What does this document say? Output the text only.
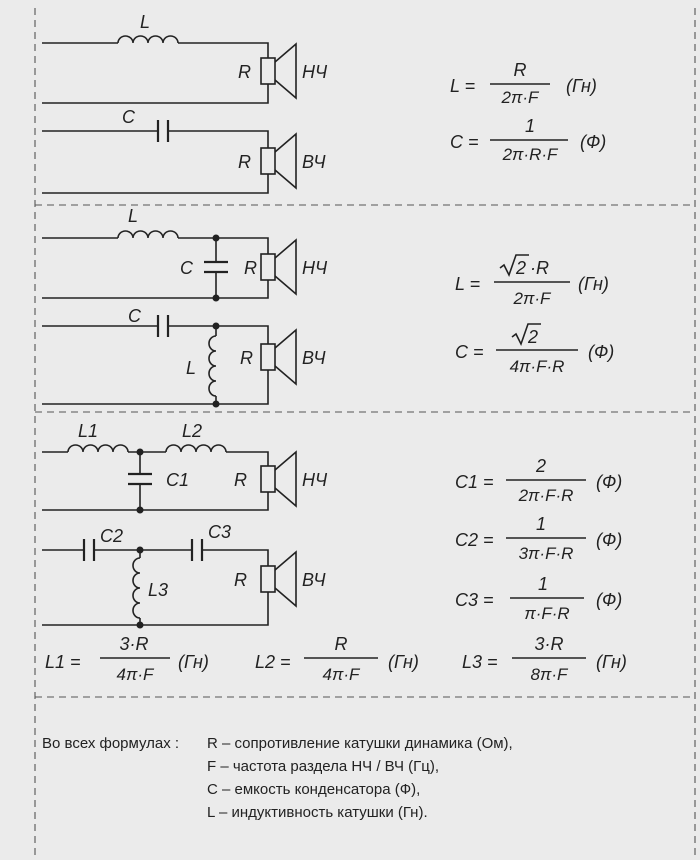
L
R	НЧ
C
R	ВЧ
L =
R
2π·F
(Гн)
C =
1
2π·R·F
(Ф)
L
C	R	НЧ
C
L R	ВЧ
L =
2 ·R
2π·F
(Гн)
C =
2
4π·F·R
(Ф)
L1	L2
C1 R	НЧ
C2	C3
L3	R	ВЧ
C1 =
2
2π·F·R
(Ф)
C2 =
1
3π·F·R
(Ф)
C3 =
1
π·F·R
(Ф)
L1 =
3·R
4π·F
(Гн)	L2 =
R
4π·F
(Гн) L3 =
3·R
8π·F
(Гн)
Во всех формулах : R – сопротивление катушки динамика (Ом),
F – частота раздела НЧ / ВЧ (Гц),
C – емкость конденсатора (Ф),
L – индуктивность катушки (Гн).
